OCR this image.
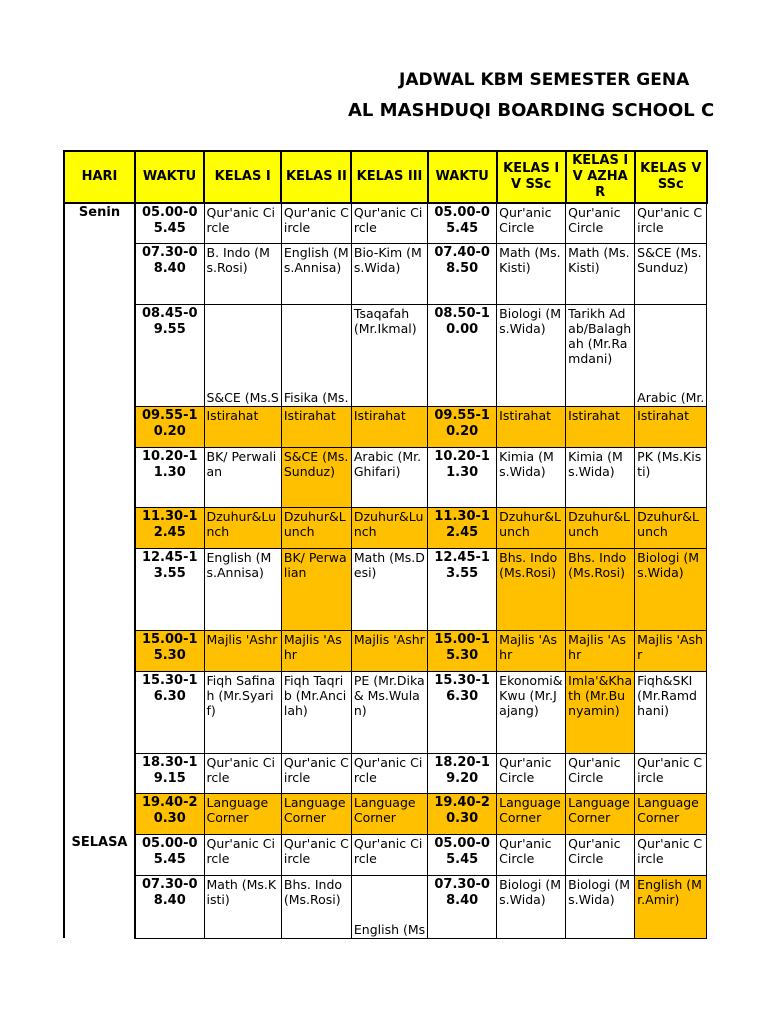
JADWAL KBM SEMESTER GENA
AL MASHDUQI BOARDING SCHOOL C
HARI	WAKTU	KELAS I	KELAS II	KELAS III	WAKTU	KELAS IV SSc	KELAS IV AZHAR	KELAS V SSc
Senin	05.00-05.45	Qur'anic Circle	Qur'anic Circle	Qur'anic Circle	05.00-05.45	Qur'anic Circle	Qur'anic Circle	Qur'anic Circle
	07.30-08.40	B. Indo (Ms.Rosi)	English (Ms.Annisa)	Bio-Kim (Ms.Wida)	07.40-08.50	Math (Ms.Kisti)	Math (Ms.Kisti)	S&CE (Ms.Sunduz)
	08.45-09.55	S&CE (Ms.S	Fisika (Ms.	Tsaqafah (Mr.Ikmal)	08.50-10.00	Biologi (Ms.Wida)	Tarikh Adab/Balaghah (Mr.Ramdani)	Arabic (Mr.
	09.55-10.20	Istirahat	Istirahat	Istirahat	09.55-10.20	Istirahat	Istirahat	Istirahat
	10.20-11.30	BK/ Perwalian	S&CE (Ms.Sunduz)	Arabic (Mr.Ghifari)	10.20-11.30	Kimia (Ms.Wida)	Kimia (Ms.Wida)	PK (Ms.Kisti)
	11.30-12.45	Dzuhur&Lunch	Dzuhur&Lunch	Dzuhur&Lunch	11.30-12.45	Dzuhur&Lunch	Dzuhur&Lunch	Dzuhur&Lunch
	12.45-13.55	English (Ms.Annisa)	BK/ Perwalian	Math (Ms.Desi)	12.45-13.55	Bhs. Indo (Ms.Rosi)	Bhs. Indo (Ms.Rosi)	Biologi (Ms.Wida)
	15.00-15.30	Majlis 'Ashr	Majlis 'Ashr	Majlis 'Ashr	15.00-15.30	Majlis 'Ashr	Majlis 'Ashr	Majlis 'Ashr
	15.30-16.30	Fiqh Safinah (Mr.Syarif)	Fiqh Taqrib (Mr.Ancilah)	PE (Mr.Dika& Ms.Wulan)	15.30-16.30	Ekonomi&Kwu (Mr.Jajang)	Imla'&Khath (Mr.Bunyamin)	Fiqh&SKI (Mr.Ramdhani)
	18.30-19.15	Qur'anic Circle	Qur'anic Circle	Qur'anic Circle	18.20-19.20	Qur'anic Circle	Qur'anic Circle	Qur'anic Circle
	19.40-20.30	Language Corner	Language Corner	Language Corner	19.40-20.30	Language Corner	Language Corner	Language Corner
SELASA	05.00-05.45	Qur'anic Circle	Qur'anic Circle	Qur'anic Circle	05.00-05.45	Qur'anic Circle	Qur'anic Circle	Qur'anic Circle
	07.30-08.40	Math (Ms.Kisti)	Bhs. Indo (Ms.Rosi)	English (Ms	07.30-08.40	Biologi (Ms.Wida)	Biologi (Ms.Wida)	English (Mr.Amir)
